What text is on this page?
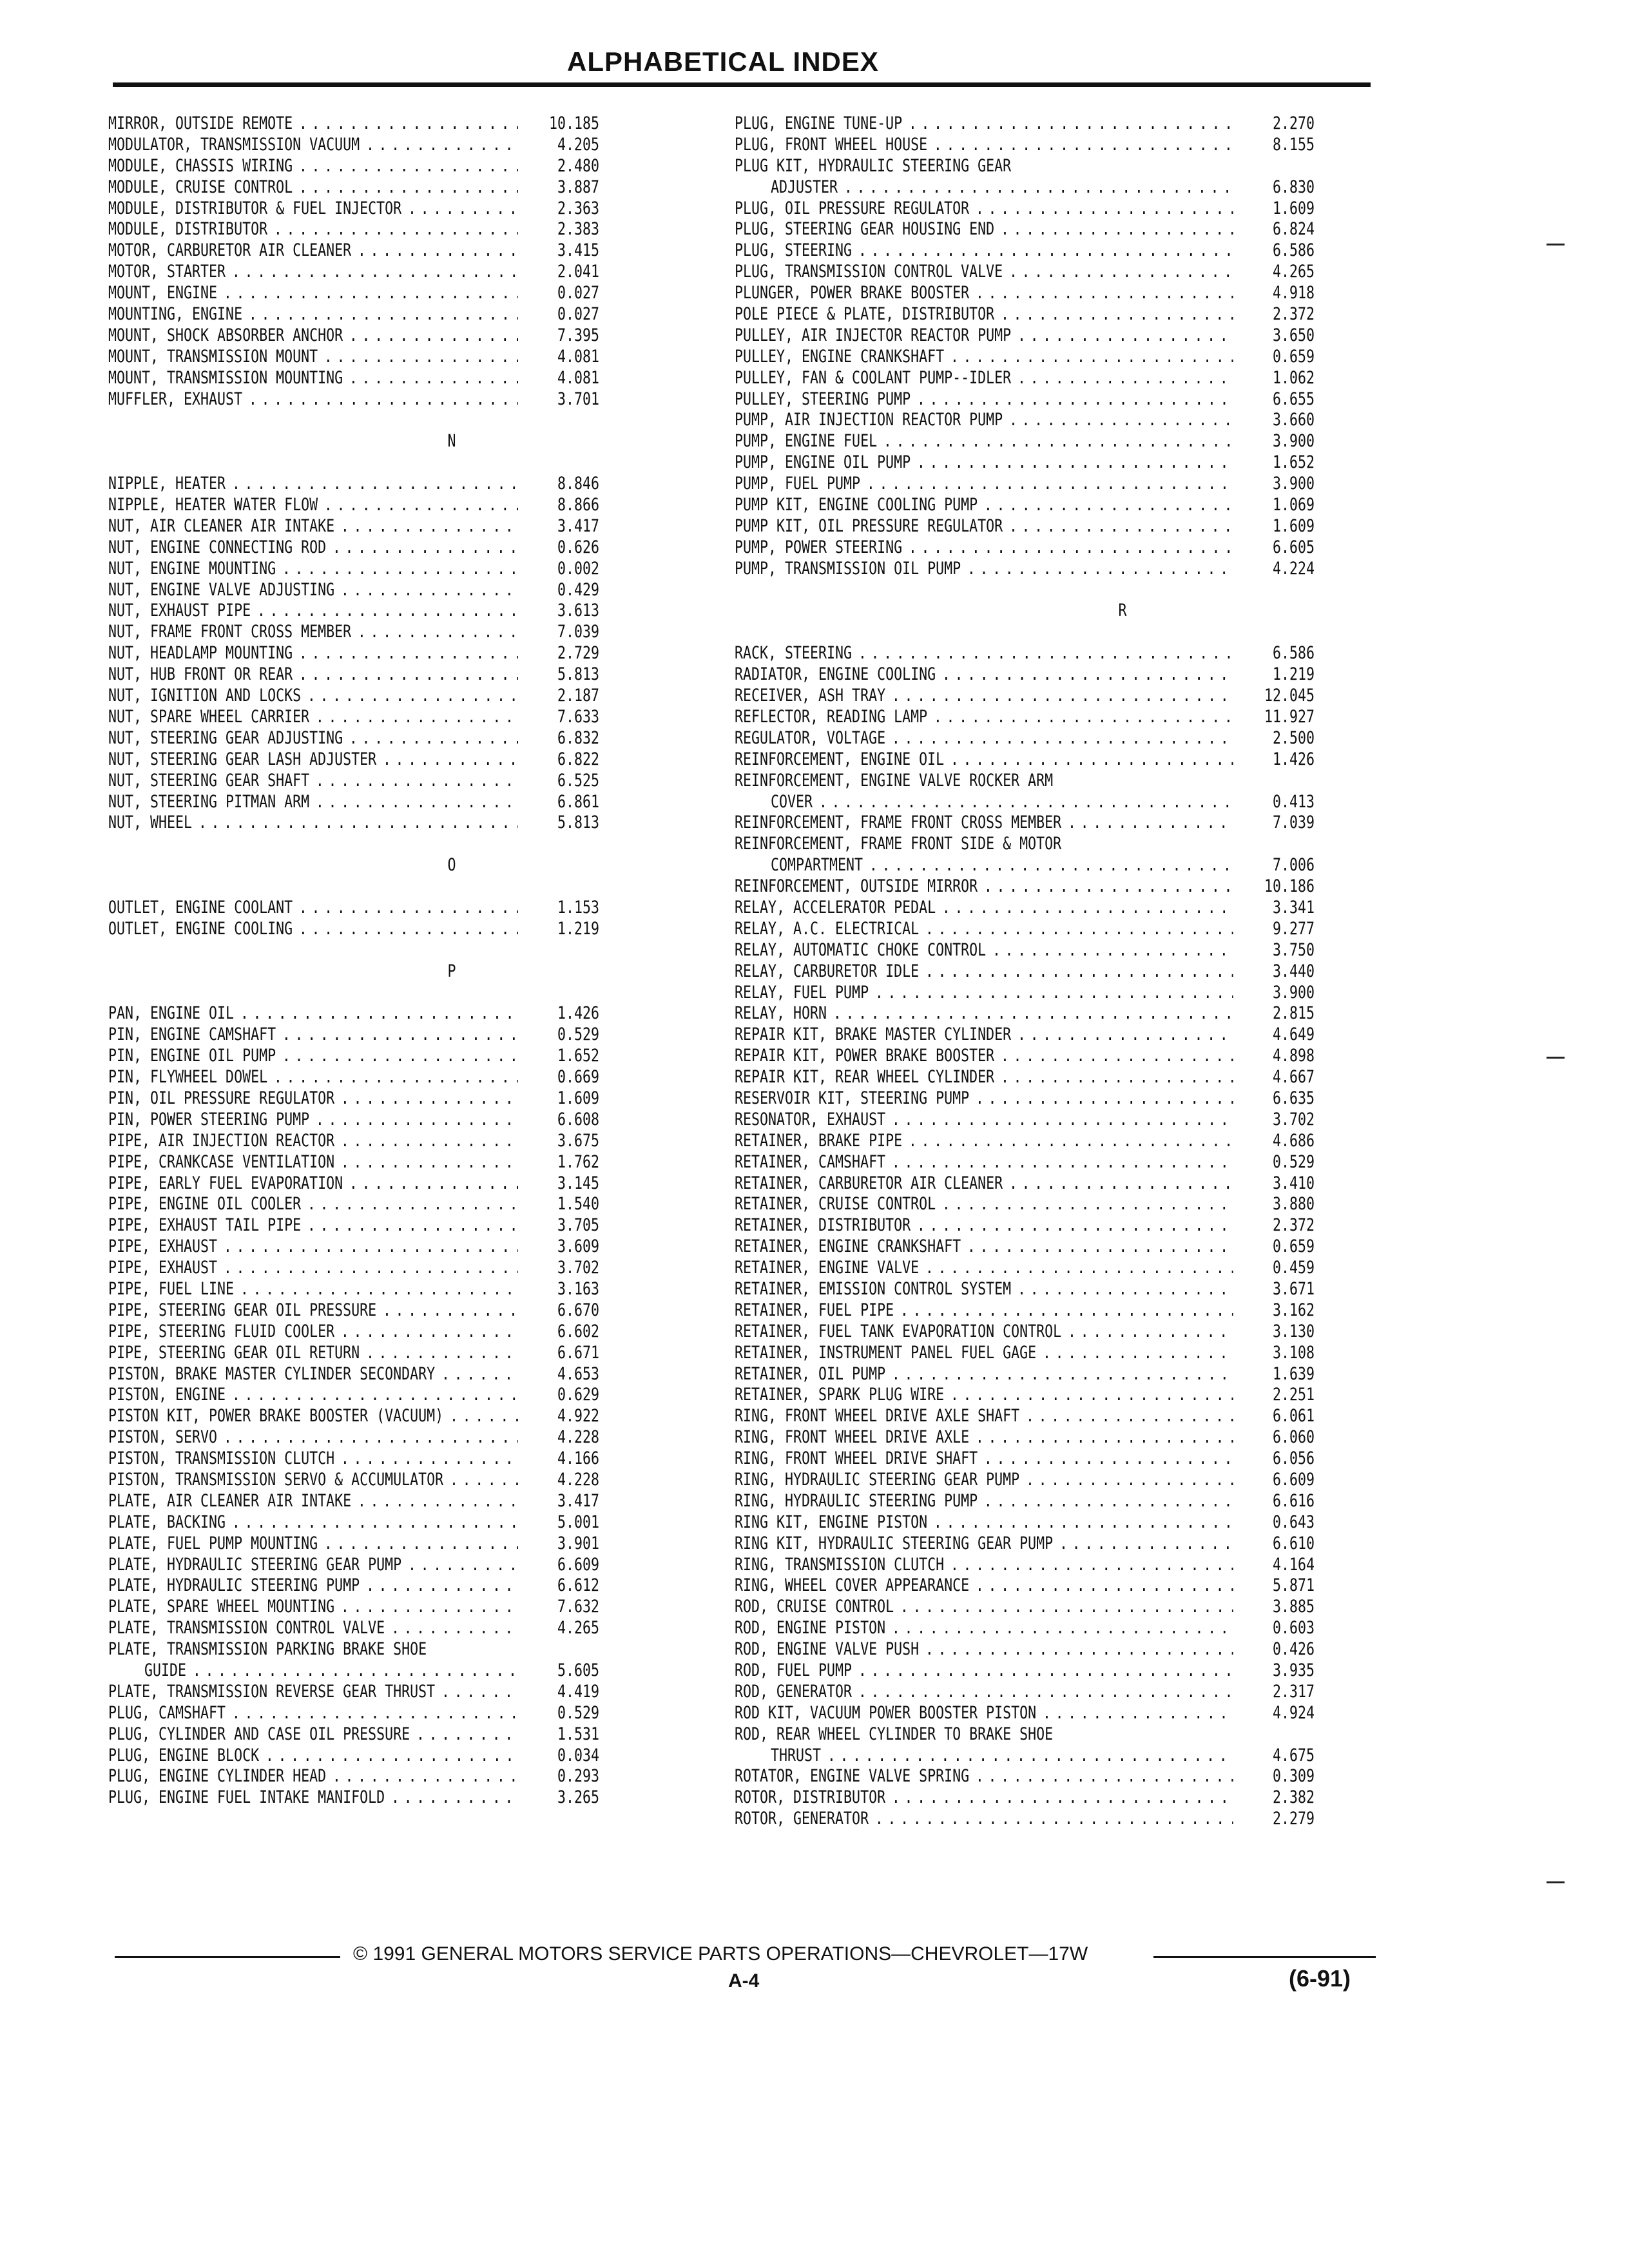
ALPHABETICAL INDEX
MIRROR, OUTSIDE REMOTE . . .	10.185
MODULATOR, TRANSMISSION VACUUM . . .	4.205
MODULE, CHASSIS WIRING . . .	2.480
MODULE, CRUISE CONTROL . . .	3.887
MODULE, DISTRIBUTOR & FUEL INJECTOR . . .	2.363
MODULE, DISTRIBUTOR . . .	2.383
MOTOR, CARBURETOR AIR CLEANER . . .	3.415
MOTOR, STARTER . . .	2.041
MOUNT, ENGINE . . .	0.027
MOUNTING, ENGINE . . .	0.027
MOUNT, SHOCK ABSORBER ANCHOR . . .	7.395
MOUNT, TRANSMISSION MOUNT . . .	4.081
MOUNT, TRANSMISSION MOUNTING . . .	4.081
MUFFLER, EXHAUST . . .	3.701
N
NIPPLE, HEATER . . .	8.846
NIPPLE, HEATER WATER FLOW . . .	8.866
NUT, AIR CLEANER AIR INTAKE . . .	3.417
NUT, ENGINE CONNECTING ROD . . .	0.626
NUT, ENGINE MOUNTING . . .	0.002
NUT, ENGINE VALVE ADJUSTING . . .	0.429
NUT, EXHAUST PIPE . . .	3.613
NUT, FRAME FRONT CROSS MEMBER . . .	7.039
NUT, HEADLAMP MOUNTING . . .	2.729
NUT, HUB FRONT OR REAR . . .	5.813
NUT, IGNITION AND LOCKS . . .	2.187
NUT, SPARE WHEEL CARRIER . . .	7.633
NUT, STEERING GEAR ADJUSTING . . .	6.832
NUT, STEERING GEAR LASH ADJUSTER . . .	6.822
NUT, STEERING GEAR SHAFT . . .	6.525
NUT, STEERING PITMAN ARM . . .	6.861
NUT, WHEEL . . .	5.813
O
OUTLET, ENGINE COOLANT . . .	1.153
OUTLET, ENGINE COOLING . . .	1.219
P
PAN, ENGINE OIL . . .	1.426
PIN, ENGINE CAMSHAFT . . .	0.529
PIN, ENGINE OIL PUMP . . .	1.652
PIN, FLYWHEEL DOWEL . . .	0.669
PIN, OIL PRESSURE REGULATOR . . .	1.609
PIN, POWER STEERING PUMP . . .	6.608
PIPE, AIR INJECTION REACTOR . . .	3.675
PIPE, CRANKCASE VENTILATION . . .	1.762
PIPE, EARLY FUEL EVAPORATION . . .	3.145
PIPE, ENGINE OIL COOLER . . .	1.540
PIPE, EXHAUST TAIL PIPE . . .	3.705
PIPE, EXHAUST . . .	3.609
PIPE, EXHAUST . . .	3.702
PIPE, FUEL LINE . . .	3.163
PIPE, STEERING GEAR OIL PRESSURE . . .	6.670
PIPE, STEERING FLUID COOLER . . .	6.602
PIPE, STEERING GEAR OIL RETURN . . .	6.671
PISTON, BRAKE MASTER CYLINDER SECONDARY . . .	4.653
PISTON, ENGINE . . .	0.629
PISTON KIT, POWER BRAKE BOOSTER (VACUUM) . . .	4.922
PISTON, SERVO . . .	4.228
PISTON, TRANSMISSION CLUTCH . . .	4.166
PISTON, TRANSMISSION SERVO & ACCUMULATOR . . .	4.228
PLATE, AIR CLEANER AIR INTAKE . . .	3.417
PLATE, BACKING . . .	5.001
PLATE, FUEL PUMP MOUNTING . . .	3.901
PLATE, HYDRAULIC STEERING GEAR PUMP . . .	6.609
PLATE, HYDRAULIC STEERING PUMP . . .	6.612
PLATE, SPARE WHEEL MOUNTING . . .	7.632
PLATE, TRANSMISSION CONTROL VALVE . . .	4.265
PLATE, TRANSMISSION PARKING BRAKE SHOE
GUIDE . . .	5.605
PLATE, TRANSMISSION REVERSE GEAR THRUST . . .	4.419
PLUG, CAMSHAFT . . .	0.529
PLUG, CYLINDER AND CASE OIL PRESSURE . . .	1.531
PLUG, ENGINE BLOCK . . .	0.034
PLUG, ENGINE CYLINDER HEAD . . .	0.293
PLUG, ENGINE FUEL INTAKE MANIFOLD . . .	3.265
PLUG, ENGINE TUNE-UP . . .	2.270
PLUG, FRONT WHEEL HOUSE . . .	8.155
PLUG KIT, HYDRAULIC STEERING GEAR
ADJUSTER . . .	6.830
PLUG, OIL PRESSURE REGULATOR . . .	1.609
PLUG, STEERING GEAR HOUSING END . . .	6.824
PLUG, STEERING . . .	6.586
PLUG, TRANSMISSION CONTROL VALVE . . .	4.265
PLUNGER, POWER BRAKE BOOSTER . . .	4.918
POLE PIECE & PLATE, DISTRIBUTOR . . .	2.372
PULLEY, AIR INJECTOR REACTOR PUMP . . .	3.650
PULLEY, ENGINE CRANKSHAFT . . .	0.659
PULLEY, FAN & COOLANT PUMP--IDLER . . .	1.062
PULLEY, STEERING PUMP . . .	6.655
PUMP, AIR INJECTION REACTOR PUMP . . .	3.660
PUMP, ENGINE FUEL . . .	3.900
PUMP, ENGINE OIL PUMP . . .	1.652
PUMP, FUEL PUMP . . .	3.900
PUMP KIT, ENGINE COOLING PUMP . . .	1.069
PUMP KIT, OIL PRESSURE REGULATOR . . .	1.609
PUMP, POWER STEERING . . .	6.605
PUMP, TRANSMISSION OIL PUMP . . .	4.224
R
RACK, STEERING . . .	6.586
RADIATOR, ENGINE COOLING . . .	1.219
RECEIVER, ASH TRAY . . .	12.045
REFLECTOR, READING LAMP . . .	11.927
REGULATOR, VOLTAGE . . .	2.500
REINFORCEMENT, ENGINE OIL . . .	1.426
REINFORCEMENT, ENGINE VALVE ROCKER ARM
COVER . . .	0.413
REINFORCEMENT, FRAME FRONT CROSS MEMBER . . .	7.039
REINFORCEMENT, FRAME FRONT SIDE & MOTOR
COMPARTMENT . . .	7.006
REINFORCEMENT, OUTSIDE MIRROR . . .	10.186
RELAY, ACCELERATOR PEDAL . . .	3.341
RELAY, A.C. ELECTRICAL . . .	9.277
RELAY, AUTOMATIC CHOKE CONTROL . . .	3.750
RELAY, CARBURETOR IDLE . . .	3.440
RELAY, FUEL PUMP . . .	3.900
RELAY, HORN . . .	2.815
REPAIR KIT, BRAKE MASTER CYLINDER . . .	4.649
REPAIR KIT, POWER BRAKE BOOSTER . . .	4.898
REPAIR KIT, REAR WHEEL CYLINDER . . .	4.667
RESERVOIR KIT, STEERING PUMP . . .	6.635
RESONATOR, EXHAUST . . .	3.702
RETAINER, BRAKE PIPE . . .	4.686
RETAINER, CAMSHAFT . . .	0.529
RETAINER, CARBURETOR AIR CLEANER . . .	3.410
RETAINER, CRUISE CONTROL . . .	3.880
RETAINER, DISTRIBUTOR . . .	2.372
RETAINER, ENGINE CRANKSHAFT . . .	0.659
RETAINER, ENGINE VALVE . . .	0.459
RETAINER, EMISSION CONTROL SYSTEM . . .	3.671
RETAINER, FUEL PIPE . . .	3.162
RETAINER, FUEL TANK EVAPORATION CONTROL . . .	3.130
RETAINER, INSTRUMENT PANEL FUEL GAGE . . .	3.108
RETAINER, OIL PUMP . . .	1.639
RETAINER, SPARK PLUG WIRE . . .	2.251
RING, FRONT WHEEL DRIVE AXLE SHAFT . . .	6.061
RING, FRONT WHEEL DRIVE AXLE . . .	6.060
RING, FRONT WHEEL DRIVE SHAFT . . .	6.056
RING, HYDRAULIC STEERING GEAR PUMP . . .	6.609
RING, HYDRAULIC STEERING PUMP . . .	6.616
RING KIT, ENGINE PISTON . . .	0.643
RING KIT, HYDRAULIC STEERING GEAR PUMP . . .	6.610
RING, TRANSMISSION CLUTCH . . .	4.164
RING, WHEEL COVER APPEARANCE . . .	5.871
ROD, CRUISE CONTROL . . .	3.885
ROD, ENGINE PISTON . . .	0.603
ROD, ENGINE VALVE PUSH . . .	0.426
ROD, FUEL PUMP . . .	3.935
ROD, GENERATOR . . .	2.317
ROD KIT, VACUUM POWER BOOSTER PISTON . . .	4.924
ROD, REAR WHEEL CYLINDER TO BRAKE SHOE
THRUST . . .	4.675
ROTATOR, ENGINE VALVE SPRING . . .	0.309
ROTOR, DISTRIBUTOR . . .	2.382
ROTOR, GENERATOR . . .	2.279
© 1991 GENERAL MOTORS SERVICE PARTS OPERATIONS—CHEVROLET—17W
A-4	(6-91)
